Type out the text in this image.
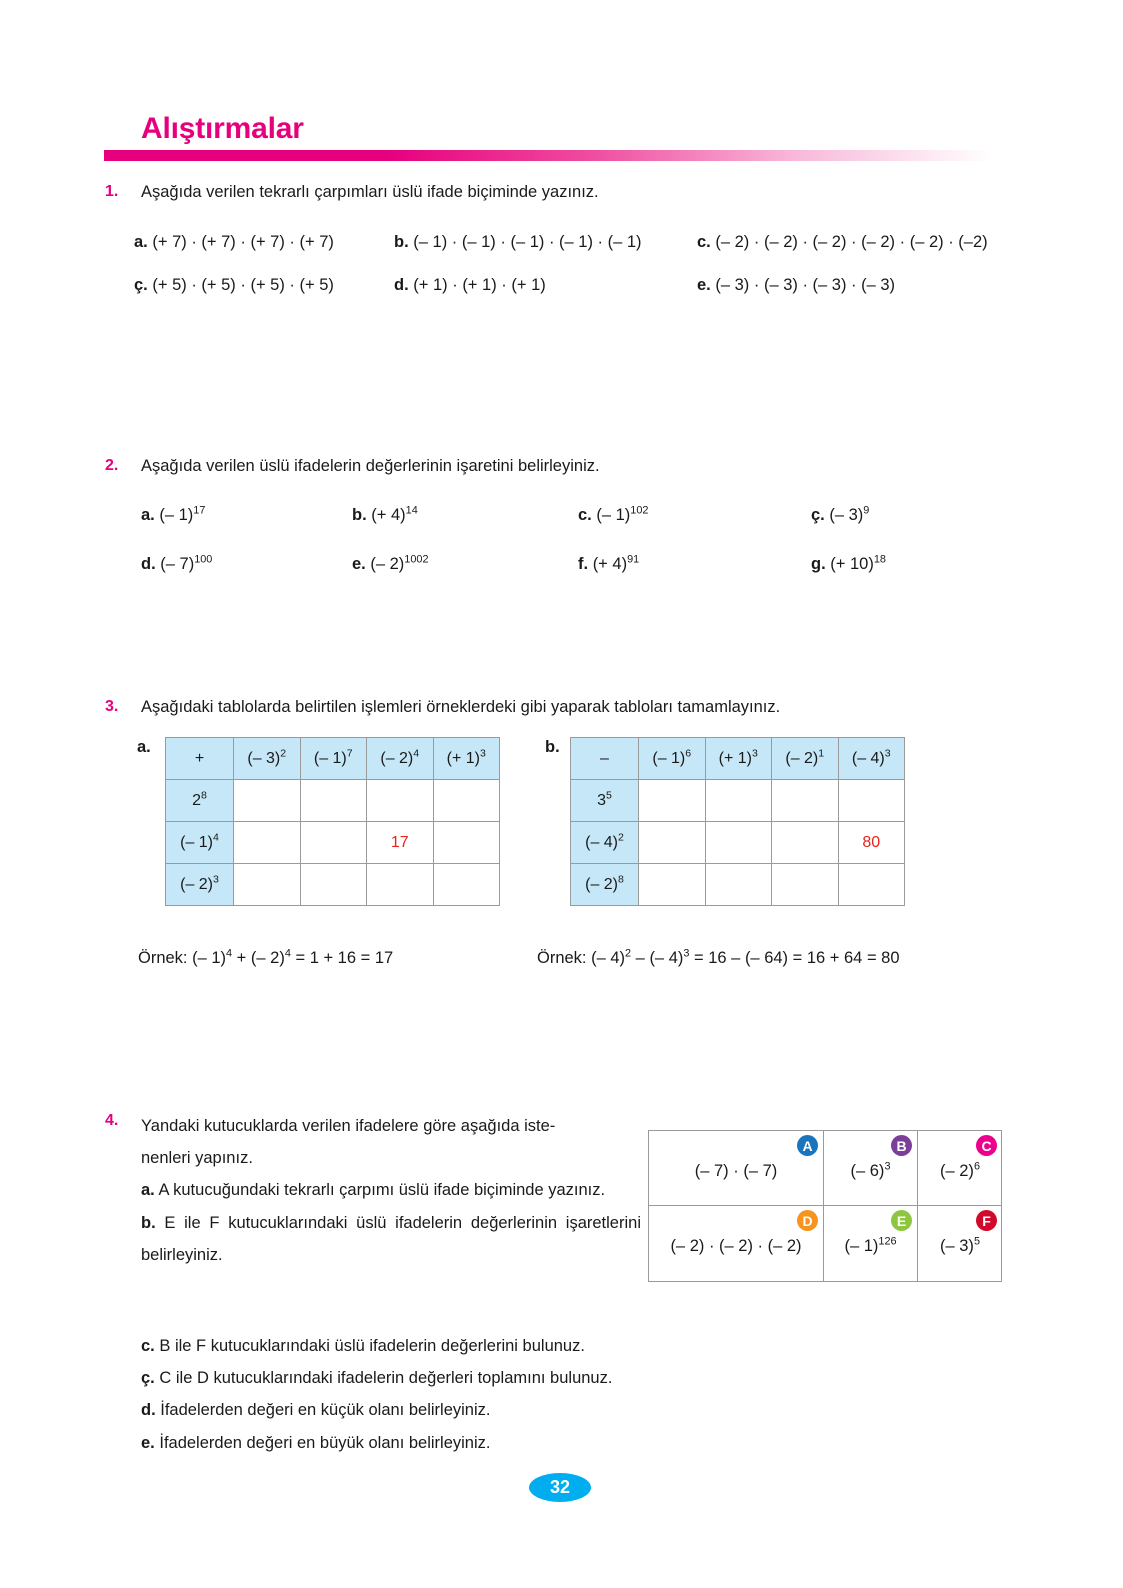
Alıştırmalar
1. Aşağıda verilen tekrarlı çarpımları üslü ifade biçiminde yazınız.
a. (+ 7) · (+ 7) · (+ 7) · (+ 7)	b. (– 1) · (– 1) · (– 1) · (– 1) · (– 1)	c. (– 2) · (– 2) · (– 2) · (– 2) · (– 2) · (–2)
ç. (+ 5) · (+ 5) · (+ 5) · (+ 5)	d. (+ 1) · (+ 1) · (+ 1)	e. (– 3) · (– 3) · (– 3) · (– 3)
2. Aşağıda verilen üslü ifadelerin değerlerinin işaretini belirleyiniz.
a. (– 1)$^{17}$	b. (+ 4)$^{14}$	c. (– 1)$^{102}$	ç. (– 3)$^9$
d. (– 7)$^{100}$	e. (– 2)$^{1002}$	f. (+ 4)$^{91}$	g. (+ 10)$^{18}$
3. Aşağıdaki tablolarda belirtilen işlemleri örneklerdeki gibi yaparak tabloları tamamlayınız.
a.
+	(– 3)$^2$	(– 1)$^7$	(– 2)$^4$	(+ 1)$^3$
$2^8$				
(– 1)$^4$			17	
(– 2)$^3$				
b.
–	(– 1)$^6$	(+ 1)$^3$	(– 2)$^1$	(– 4)$^3$
$3^5$				
(– 4)$^2$				80
(– 2)$^8$				
Örnek: (– 1)$^4$ + (– 2)$^4$ = 1 + 16 = 17	Örnek: (– 4)$^2$ – (– 4)$^3$ = 16 – (– 64) = 16 + 64 = 80
4. Yandaki kutucuklarda verilen ifadelere göre aşağıda iste-

nenleri yapınız.

a. A kutucuğundaki tekrarlı çarpımı üslü ifade biçiminde yazınız.

b. E ile F kutucuklarındaki üslü ifadelerin değerlerinin işaretlerini belirleyiniz.

c. B ile F kutucuklarındaki üslü ifadelerin değerlerini bulunuz.

ç. C ile D kutucuklarındaki ifadelerin değerleri toplamını bulunuz.

d. İfadelerden değeri en küçük olanı belirleyiniz.

e. İfadelerden değeri en büyük olanı belirleyiniz.

A
(– 7) · (– 7)
B
(– 6)$^3$
C
(– 2)$^6$
D
(– 2) · (– 2) · (– 2)
E
(– 1)$^{126}$
F
(– 3)$^5$
32
